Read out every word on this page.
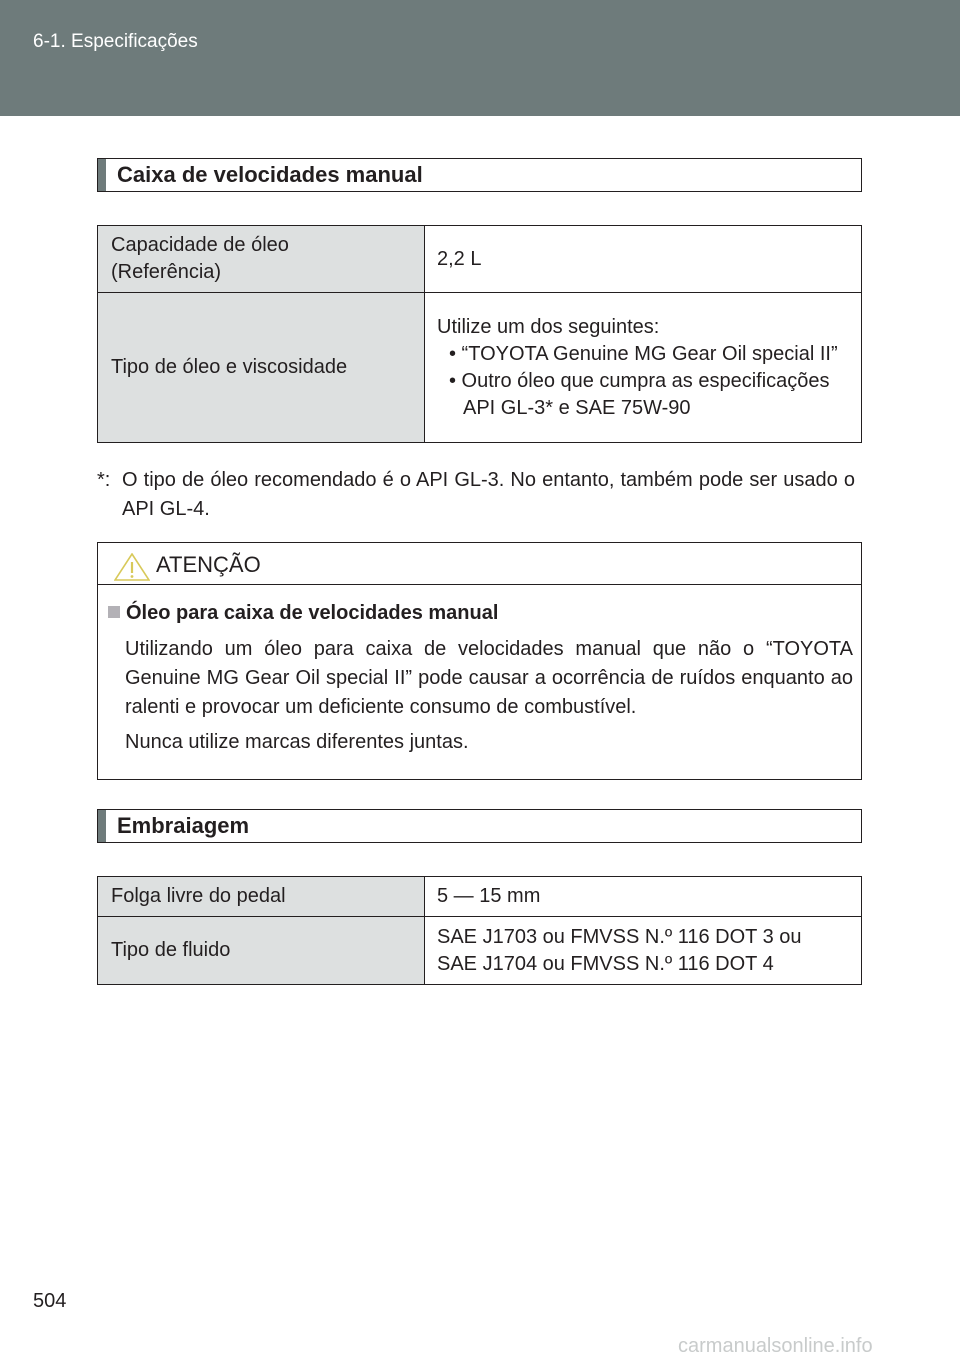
6-1. Especificações
Caixa de velocidades manual
Capacidade de óleo
(Referência)	2,2 L
Tipo de óleo e viscosidade	Utilize um dos seguintes:
• “TOYOTA Genuine MG Gear Oil special II”
• Outro óleo que cumpra as especificações API GL-3* e SAE 75W-90
*: O tipo de óleo recomendado é o API GL-3. No entanto, também pode ser usado o API GL-4.
ATENÇÃO
Óleo para caixa de velocidades manual
Utilizando um óleo para caixa de velocidades manual que não o “TOYOTA Genuine MG Gear Oil special II” pode causar a ocorrência de ruídos enquanto ao ralenti e provocar um deficiente consumo de combustível.
Nunca utilize marcas diferentes juntas.
Embraiagem
Folga livre do pedal	5 — 15 mm
Tipo de fluido	SAE J1703 ou FMVSS N.º 116 DOT 3 ou
SAE J1704 ou FMVSS N.º 116 DOT 4
504
carmanualsonline.info
